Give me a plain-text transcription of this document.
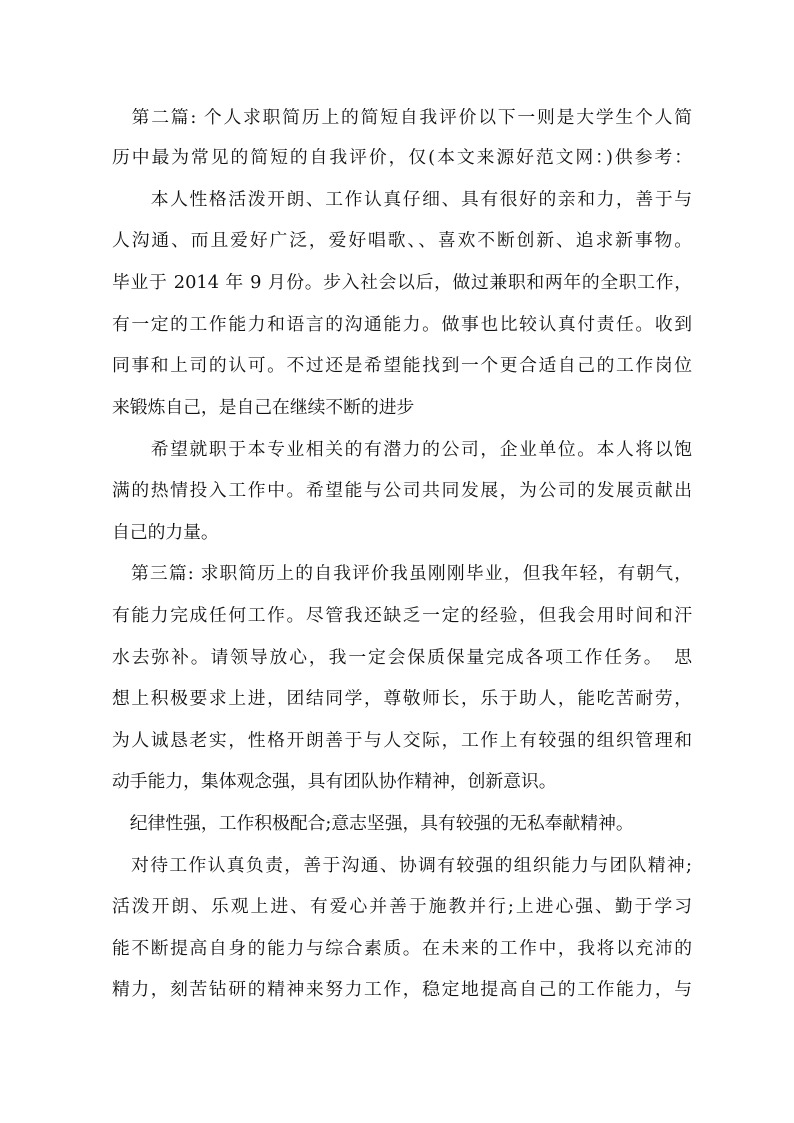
　第二篇: 个人求职简历上的简短自我评价以下一则是大学生个人简
历中最为常见的简短的自我评价，仅(本文来源好范文网：)供参考：
　　本人性格活泼开朗、工作认真仔细、具有很好的亲和力，善于与
人沟通、而且爱好广泛，爱好唱歌、、喜欢不断创新、追求新事物。
毕业于 2014 年 9 月份。步入社会以后，做过兼职和两年的全职工作，
有一定的工作能力和语言的沟通能力。做事也比较认真付责任。收到
同事和上司的认可。不过还是希望能找到一个更合适自己的工作岗位
来锻炼自己，是自己在继续不断的进步
　　希望就职于本专业相关的有潜力的公司，企业单位。本人将以饱
满的热情投入工作中。希望能与公司共同发展，为公司的发展贡献出
自己的力量。
　第三篇: 求职简历上的自我评价我虽刚刚毕业，但我年轻，有朝气，
有能力完成任何工作。尽管我还缺乏一定的经验，但我会用时间和汗
水去弥补。请领导放心，我一定会保质保量完成各项工作任务。　思
想上积极要求上进，团结同学，尊敬师长，乐于助人，能吃苦耐劳，
为人诚恳老实，性格开朗善于与人交际，工作上有较强的组织管理和
动手能力，集体观念强，具有团队协作精神，创新意识。
　纪律性强，工作积极配合;意志坚强，具有较强的无私奉献精神。
　对待工作认真负责，善于沟通、协调有较强的组织能力与团队精神;
活泼开朗、乐观上进、有爱心并善于施教并行;上进心强、勤于学习
能不断提高自身的能力与综合素质。在未来的工作中，我将以充沛的
精力，刻苦钻研的精神来努力工作，稳定地提高自己的工作能力，与
